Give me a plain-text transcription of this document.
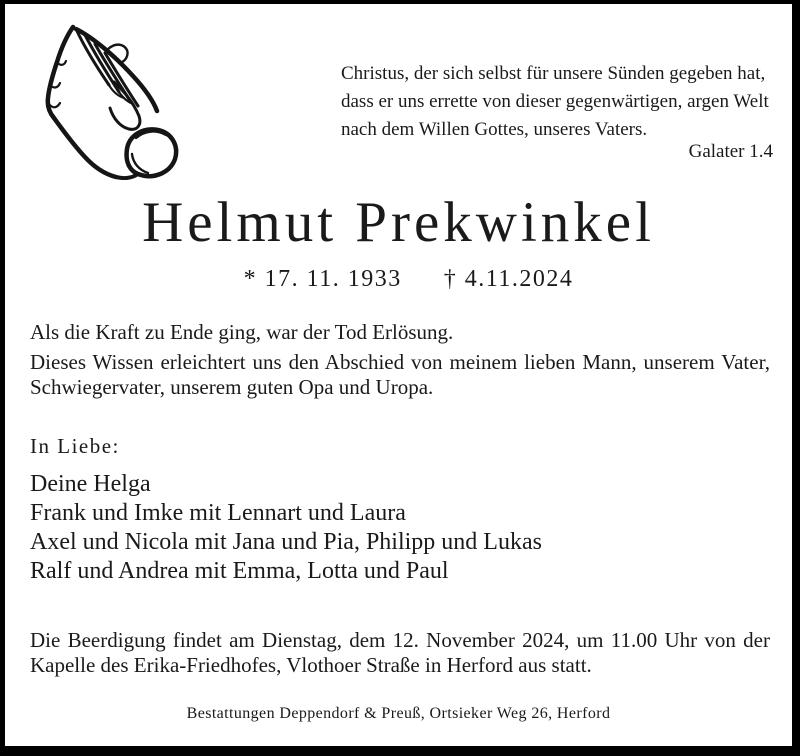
Christus, der sich selbst für unsere Sünden gegeben hat,
dass er uns errette von dieser gegenwärtigen, argen Welt
nach dem Willen Gottes, unseres Vaters.
Galater 1.4
Helmut Prekwinkel
* 17. 11. 1933 † 4.11.2024
Als die Kraft zu Ende ging, war der Tod Erlösung.
Dieses Wissen erleichtert uns den Abschied von meinem lieben Mann, unserem Vater,
Schwiegervater, unserem guten Opa und Uropa.
In Liebe:
Deine Helga
Frank und Imke mit Lennart und Laura
Axel und Nicola mit Jana und Pia, Philipp und Lukas
Ralf und Andrea mit Emma, Lotta und Paul
Die Beerdigung findet am Dienstag, dem 12. November 2024, um 11.00 Uhr von der
Kapelle des Erika-Friedhofes, Vlothoer Straße in Herford aus statt.
Bestattungen Deppendorf & Preuß, Ortsieker Weg 26, Herford
